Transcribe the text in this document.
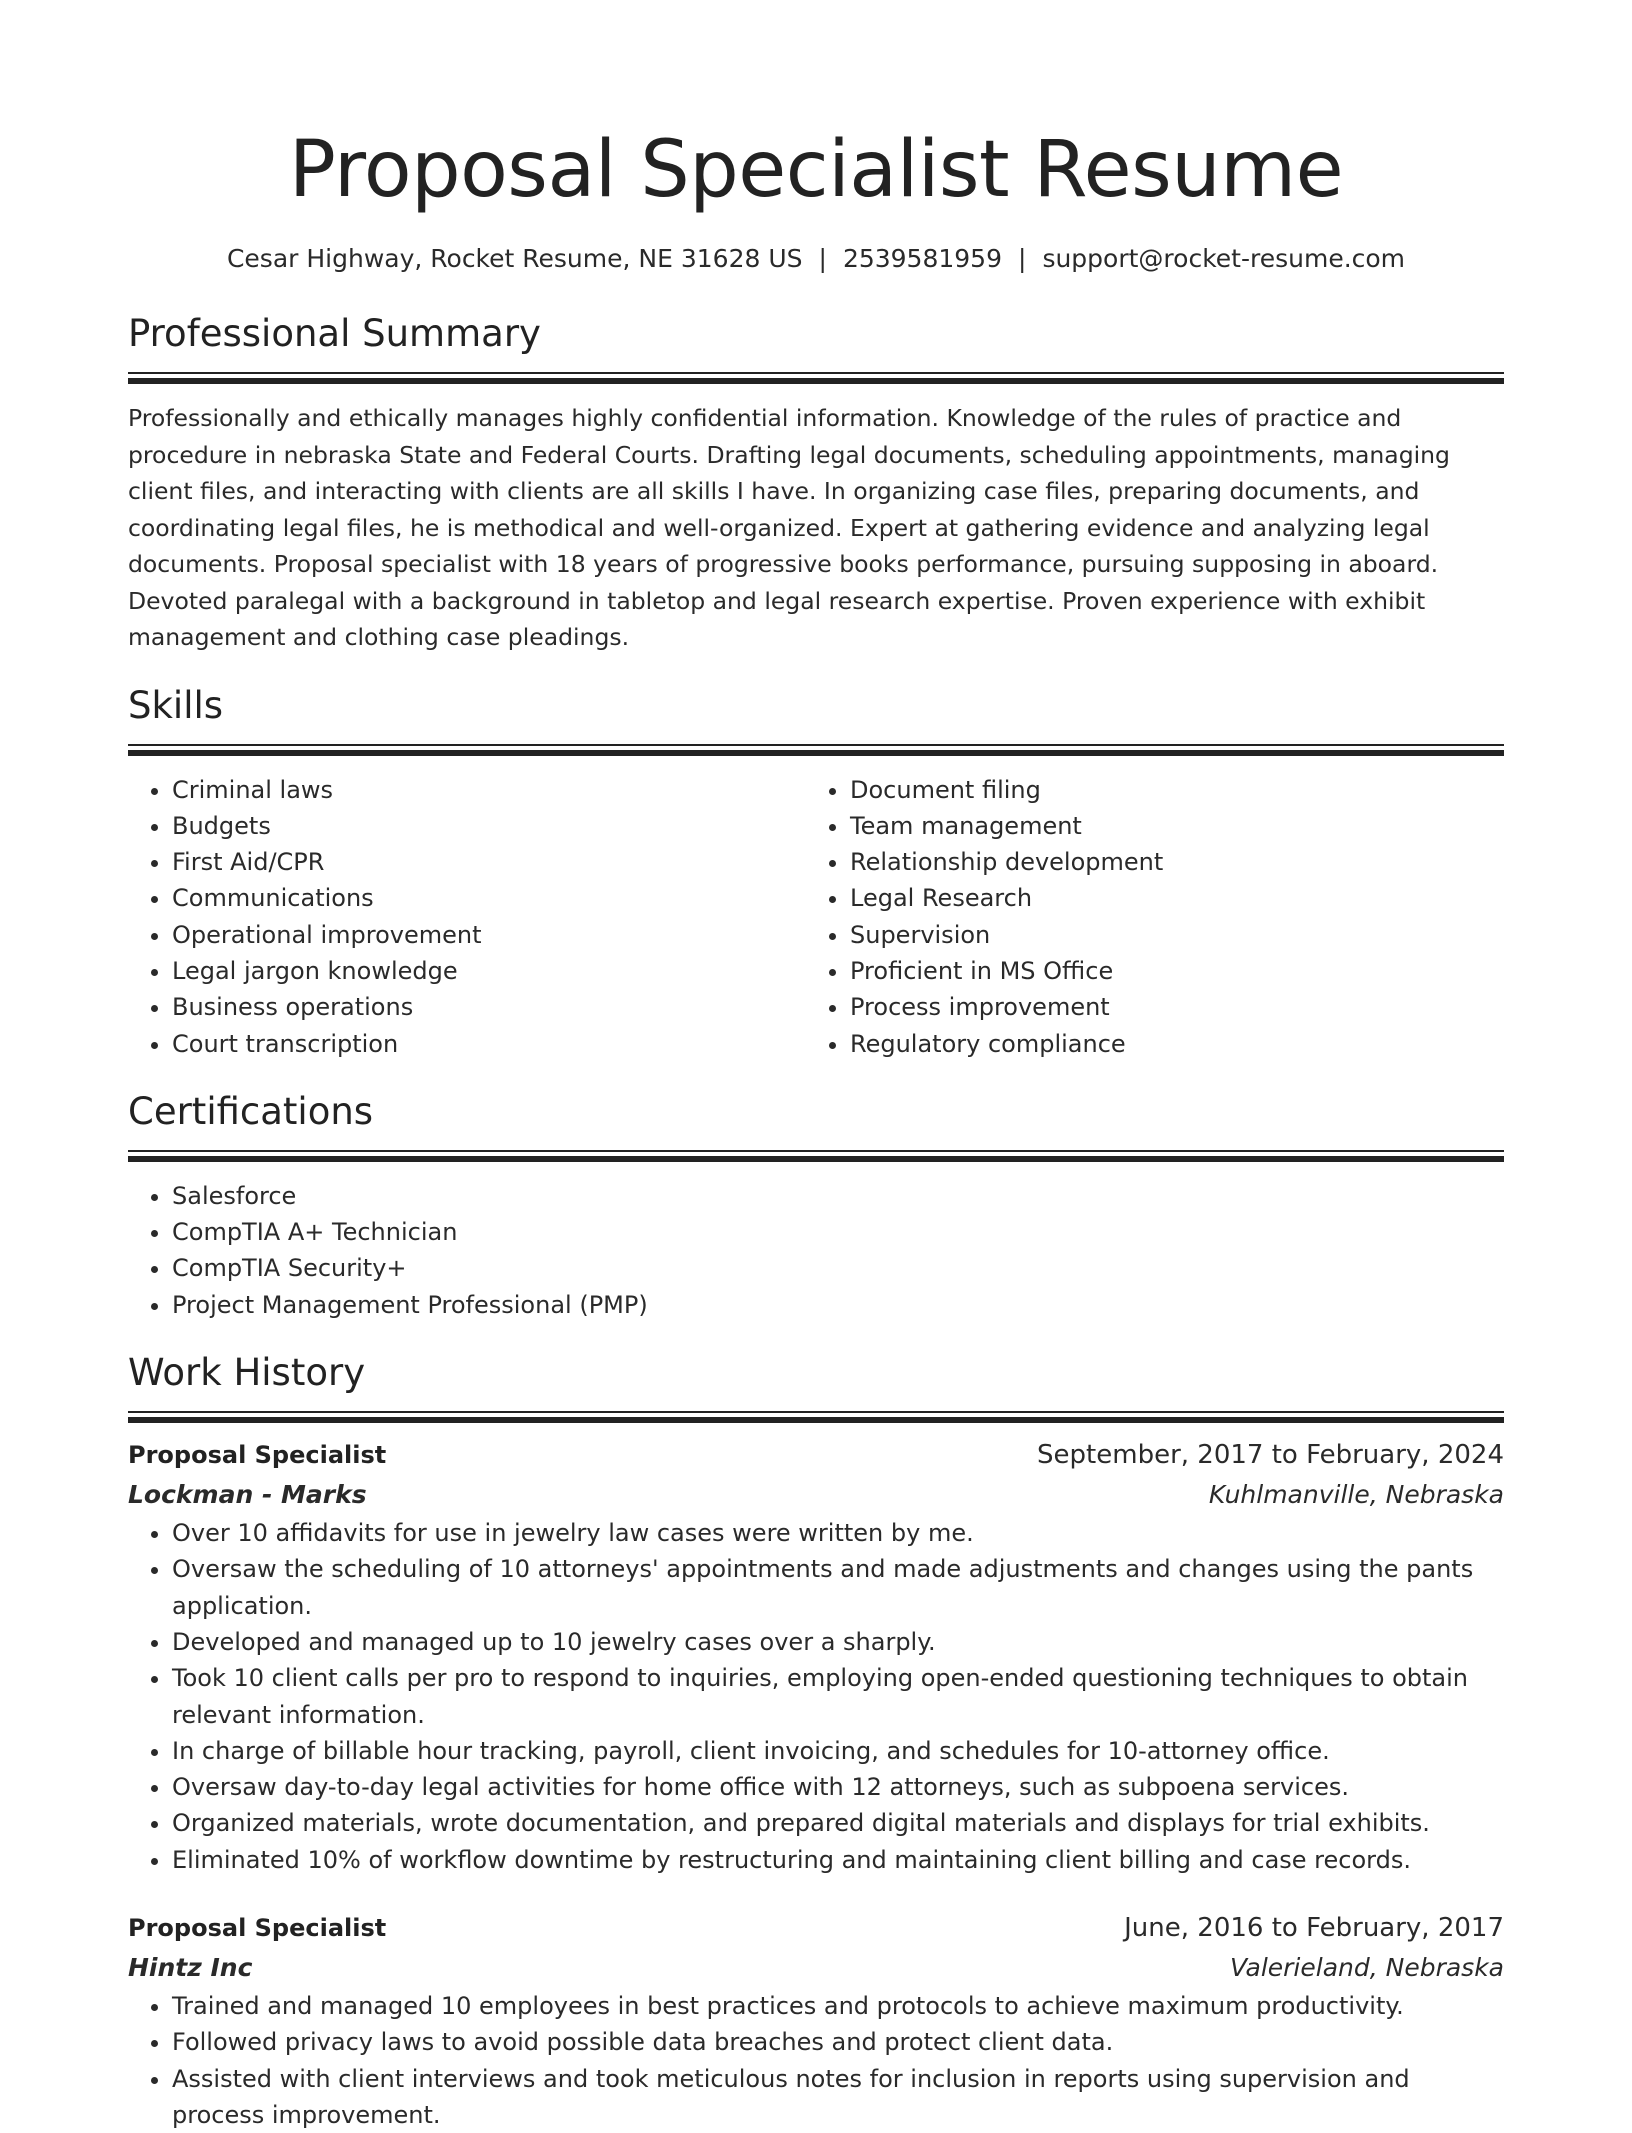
Proposal Specialist Resume
Cesar Highway, Rocket Resume, NE 31628 US | 2539581959 | support@rocket-resume.com
Professional Summary

Professionally and ethically manages highly confidential information. Knowledge of the rules of practice and procedure in nebraska State and Federal Courts. Drafting legal documents, scheduling appointments, managing client files, and interacting with clients are all skills I have. In organizing case files, preparing documents, and coordinating legal files, he is methodical and well-organized. Expert at gathering evidence and analyzing legal documents. Proposal specialist with 18 years of progressive books performance, pursuing supposing in aboard. Devoted paralegal with a background in tabletop and legal research expertise. Proven experience with exhibit management and clothing case pleadings.

Skills
• Criminal laws
• Budgets
• First Aid/CPR
• Communications
• Operational improvement
• Legal jargon knowledge
• Business operations
• Court transcription
• Document filing
• Team management
• Relationship development
• Legal Research
• Supervision
• Proficient in MS Office
• Process improvement
• Regulatory compliance
Certifications
• Salesforce
• CompTIA A+ Technician
• CompTIA Security+
• Project Management Professional (PMP)
Work History
Proposal Specialist	September, 2017 to February, 2024
Lockman - Marks	Kuhlmanville, Nebraska
• Over 10 affidavits for use in jewelry law cases were written by me.
• Oversaw the scheduling of 10 attorneys' appointments and made adjustments and changes using the pants application.
• Developed and managed up to 10 jewelry cases over a sharply.
• Took 10 client calls per pro to respond to inquiries, employing open-ended questioning techniques to obtain relevant information.
• In charge of billable hour tracking, payroll, client invoicing, and schedules for 10-attorney office.
• Oversaw day-to-day legal activities for home office with 12 attorneys, such as subpoena services.
• Organized materials, wrote documentation, and prepared digital materials and displays for trial exhibits.
• Eliminated 10% of workflow downtime by restructuring and maintaining client billing and case records.
Proposal Specialist	June, 2016 to February, 2017
Hintz Inc	Valerieland, Nebraska
• Trained and managed 10 employees in best practices and protocols to achieve maximum productivity.
• Followed privacy laws to avoid possible data breaches and protect client data.
• Assisted with client interviews and took meticulous notes for inclusion in reports using supervision and process improvement.
